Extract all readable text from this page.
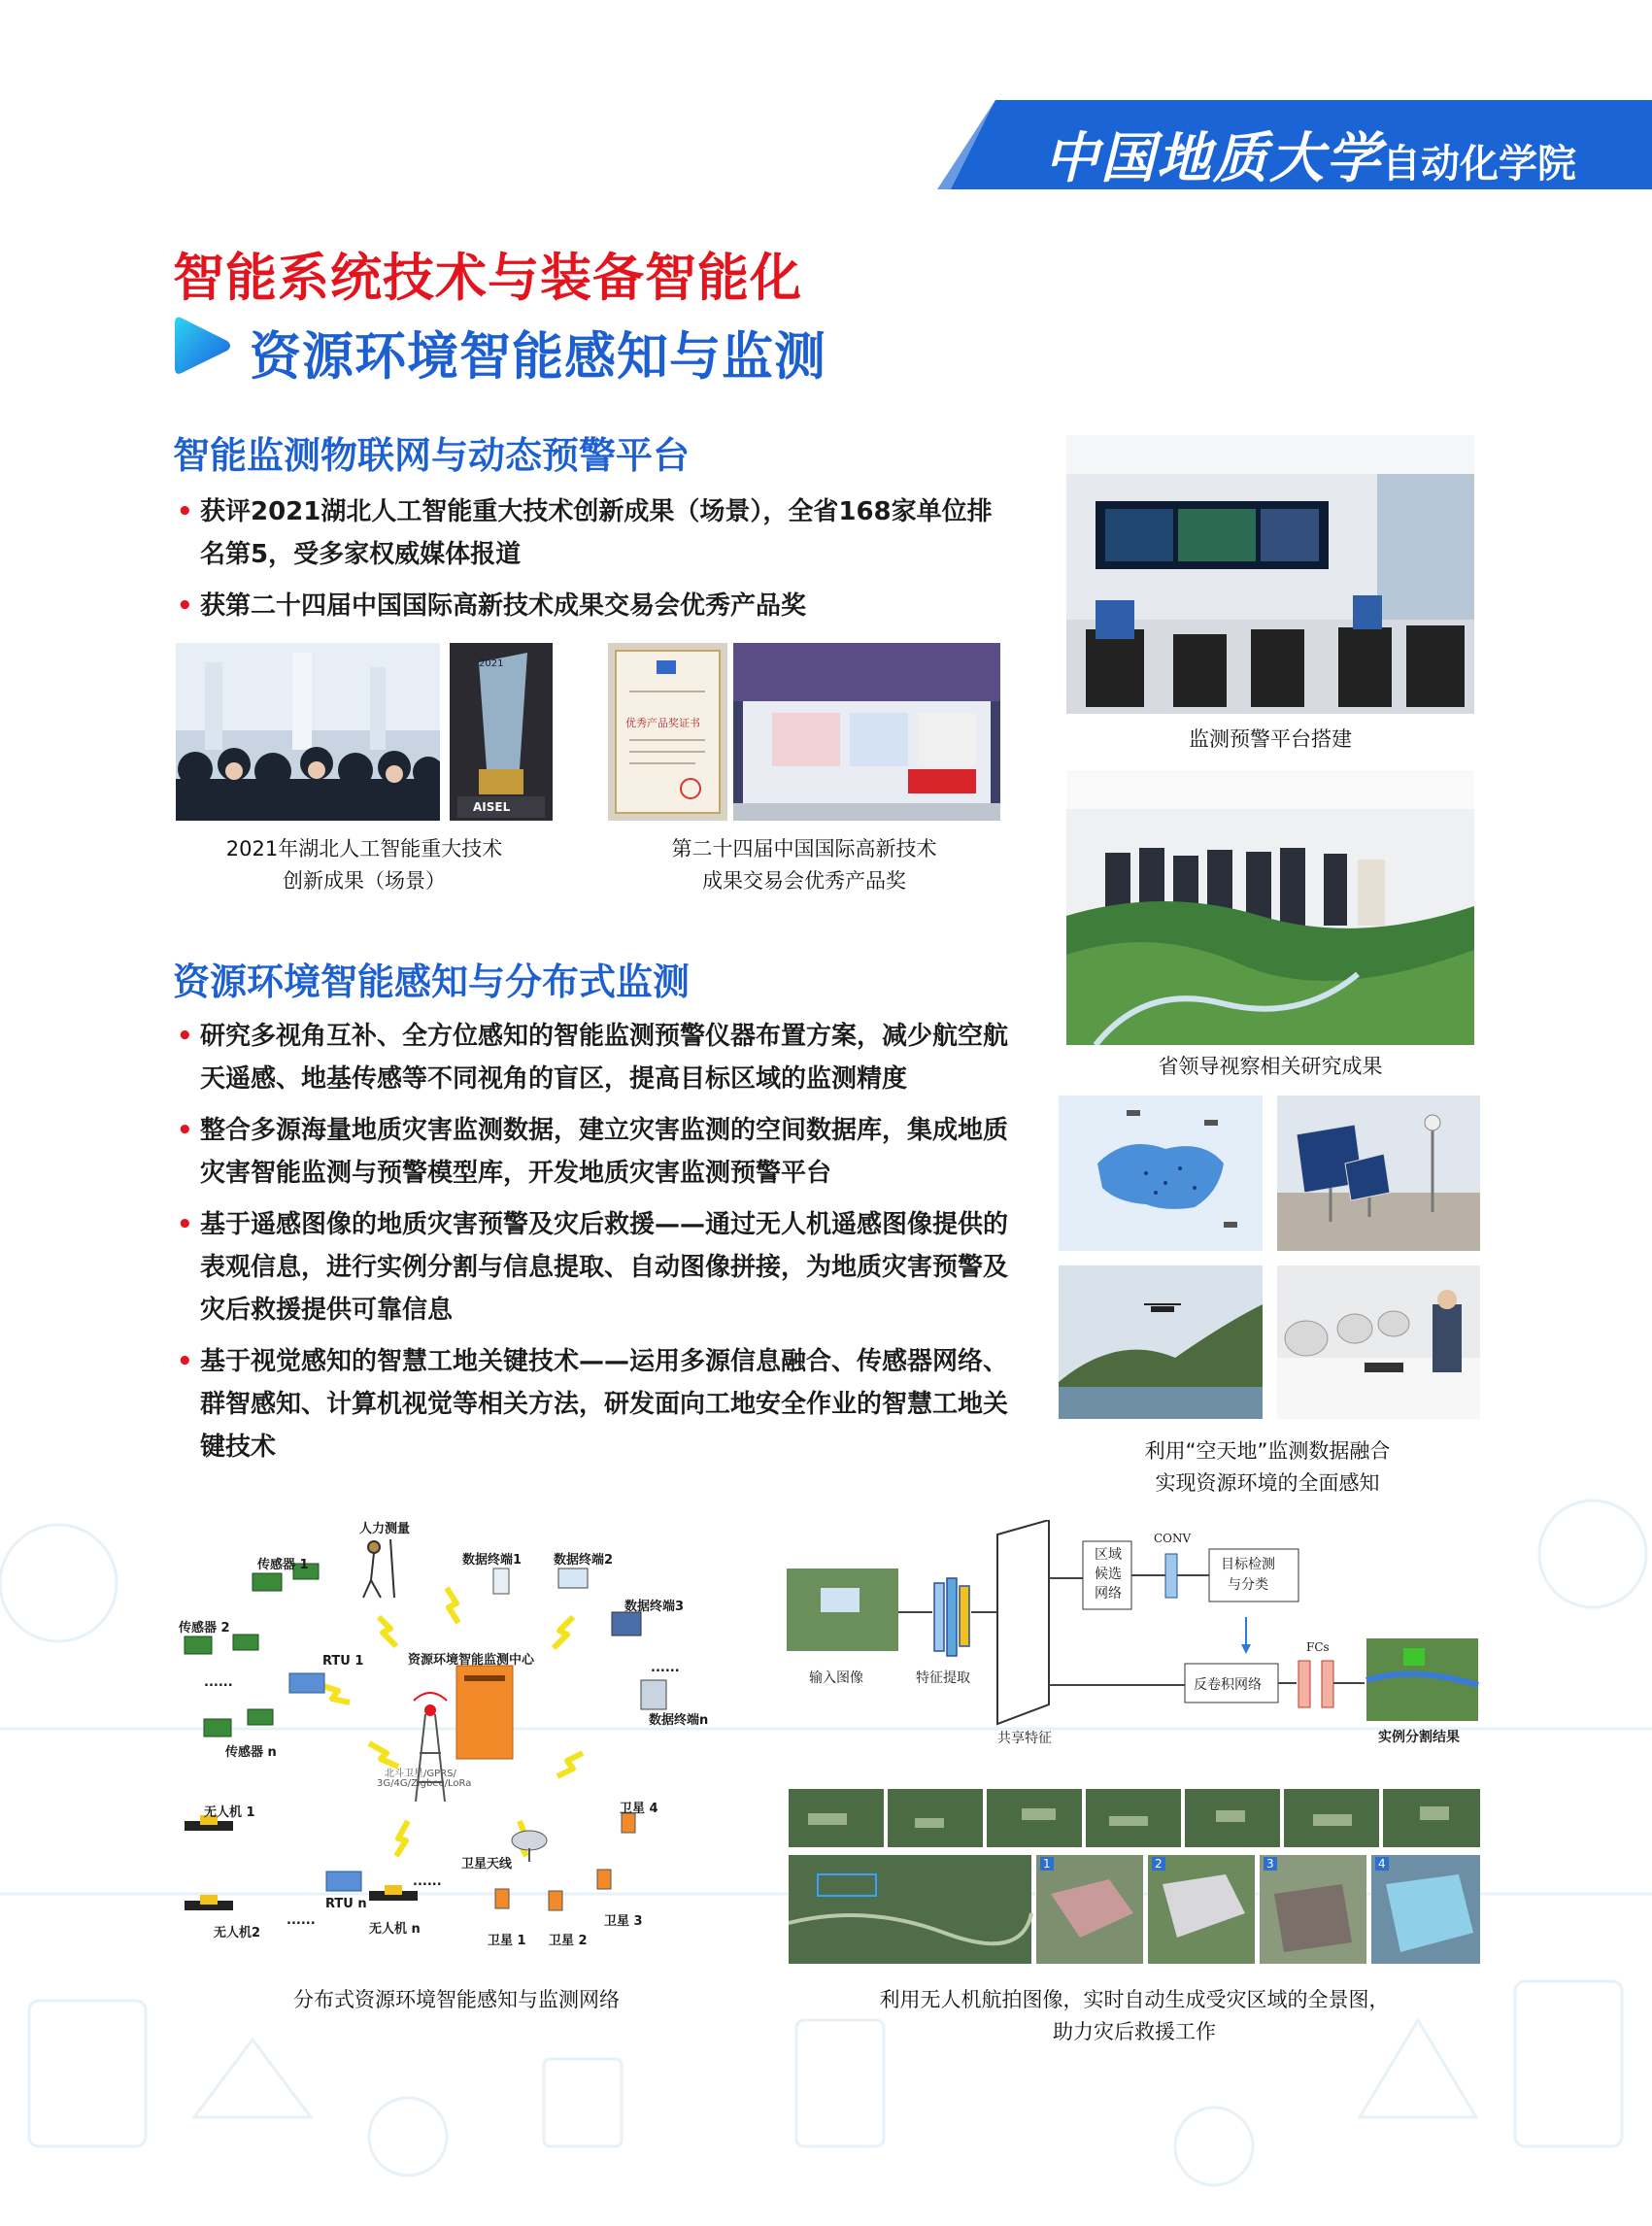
中国地质大学自动化学院
智能系统技术与装备智能化
资源环境智能感知与监测
智能监测物联网与动态预警平台
• 获评2021湖北人工智能重大技术创新成果（场景），全省168家单位排名第5，受多家权威媒体报道
• 获第二十四届中国国际高新技术成果交易会优秀产品奖
2021
AISEL
优秀产品奖证书
2021年湖北人工智能重大技术
创新成果（场景）
第二十四届中国国际高新技术
成果交易会优秀产品奖
资源环境智能感知与分布式监测
• 研究多视角互补、全方位感知的智能监测预警仪器布置方案，减少航空航天遥感、地基传感等不同视角的盲区，提高目标区域的监测精度
• 整合多源海量地质灾害监测数据，建立灾害监测的空间数据库，集成地质灾害智能监测与预警模型库，开发地质灾害监测预警平台
• 基于遥感图像的地质灾害预警及灾后救援——通过无人机遥感图像提供的表观信息，进行实例分割与信息提取、自动图像拼接，为地质灾害预警及灾后救援提供可靠信息
• 基于视觉感知的智慧工地关键技术——运用多源信息融合、传感器网络、群智感知、计算机视觉等相关方法，研发面向工地安全作业的智慧工地关键技术
监测预警平台搭建
省领导视察相关研究成果
利用“空天地”监测数据融合
实现资源环境的全面感知
人力测量
资源环境智能监测中心
北斗卫星/GPRS/
3G/4G/Zigbee/LoRa
传感器 1
传感器 2
传感器 n
......
RTU 1
RTU n
数据终端1	数据终端2
数据终端3
......
数据终端n
无人机 1
无人机2	无人机 n
......
......
卫星天线
卫星 4
卫星 1 卫星 2
卫星 3
分布式资源环境智能感知与监测网络
输入图像	特征提取
共享特征
区域
候选
网络
CONV
目标检测
与分类
反卷积网络
FCs
实例分割结果
1	2	3	4
利用无人机航拍图像，实时自动生成受灾区域的全景图，
助力灾后救援工作
